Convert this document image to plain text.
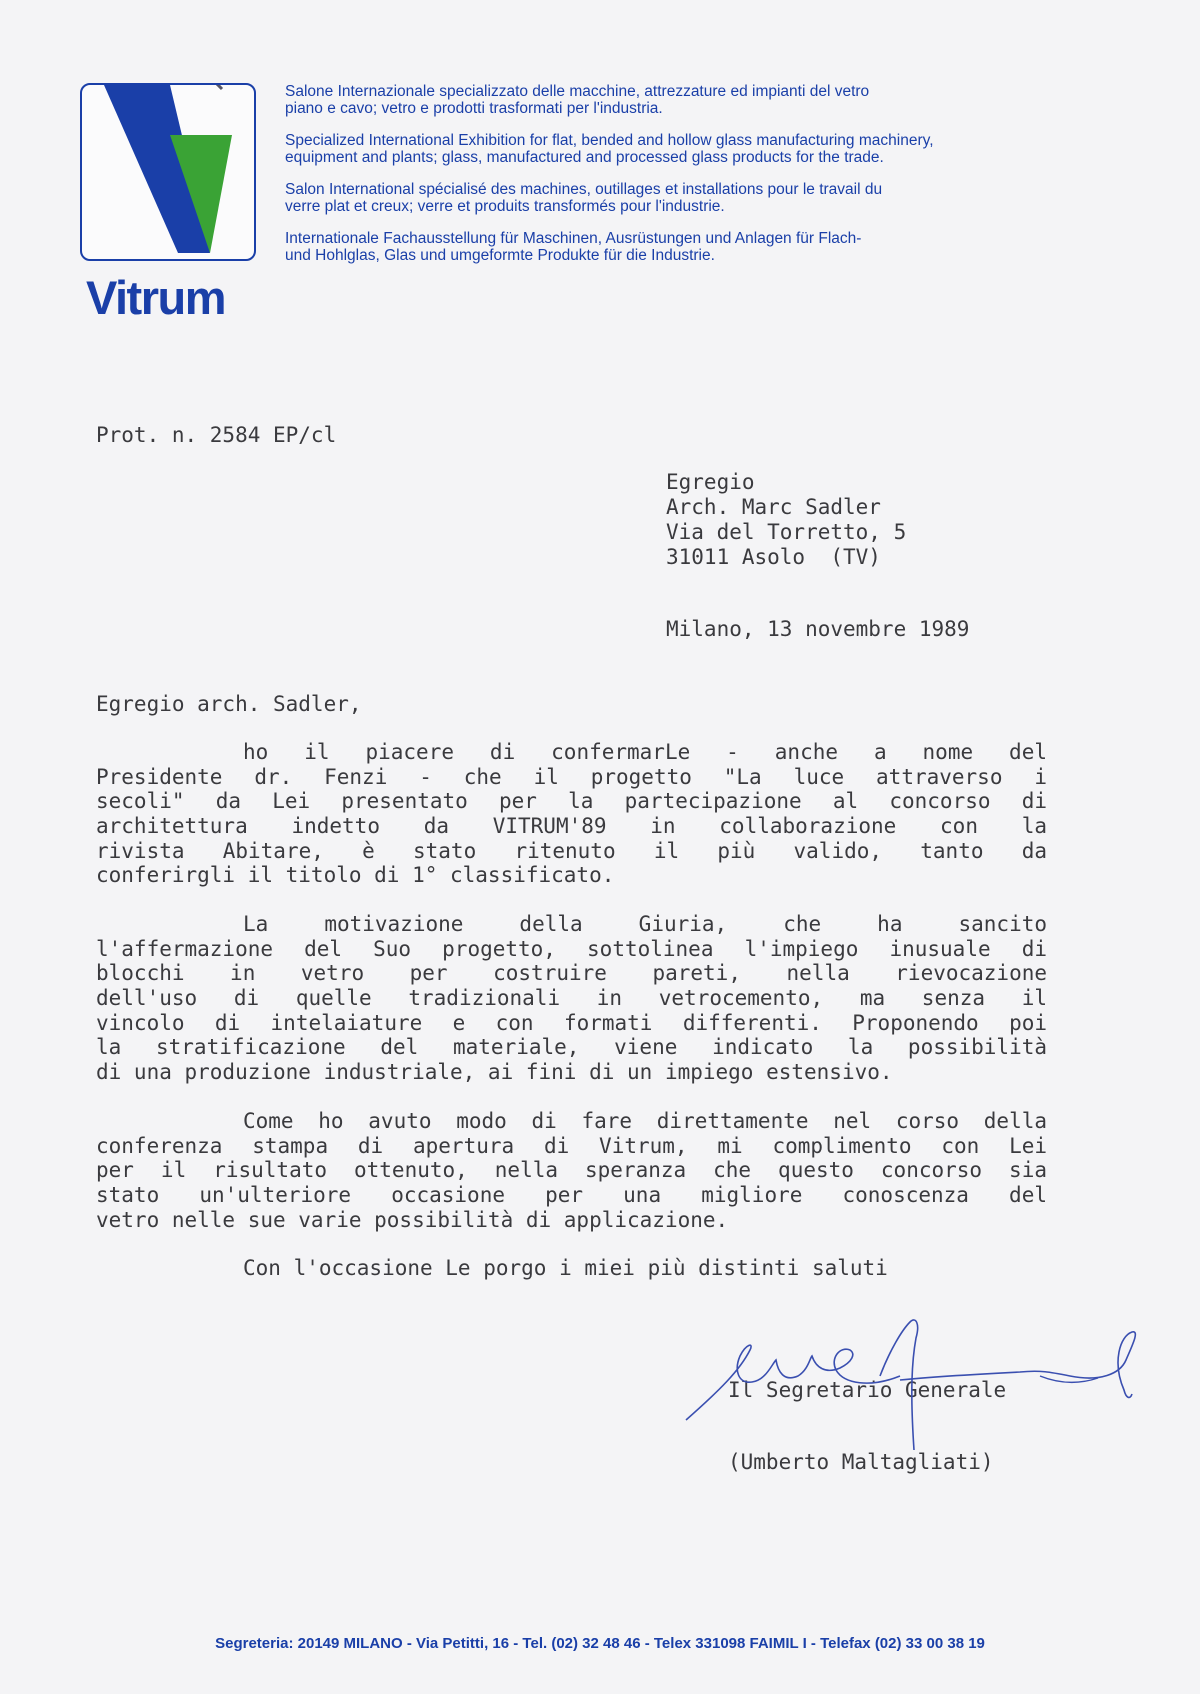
Vitrum

Salone Internazionale specializzato delle macchine, attrezzature ed impianti del vetro
piano e cavo; vetro e prodotti trasformati per l'industria.

Specialized International Exhibition for flat, bended and hollow glass manufacturing machinery,
equipment and plants; glass, manufactured and processed glass products for the trade.

Salon International spécialisé des machines, outillages et installations pour le travail du
verre plat et creux; verre et produits transformés pour l'industrie.

Internationale Fachausstellung für Maschinen, Ausrüstungen und Anlagen für Flach-
und Hohlglas, Glas und umgeformte Produkte für die Industrie.

Prot. n. 2584 EP/cl
Egregio
Arch. Marc Sadler
Via del Torretto, 5
31011 Asolo  (TV)
Milano, 13 novembre 1989
Egregio arch. Sadler,
ho il piacere di confermarLe - anche a nome del
Presidente dr. Fenzi - che il progetto "La luce attraverso i
secoli" da Lei presentato per la partecipazione al concorso di
architettura indetto da VITRUM'89 in collaborazione con la
rivista Abitare, è stato ritenuto il più valido, tanto da
conferirgli il titolo di 1° classificato.
La motivazione della Giuria, che ha sancito
l'affermazione del Suo progetto, sottolinea l'impiego inusuale di
blocchi in vetro per costruire pareti, nella rievocazione
dell'uso di quelle tradizionali in vetrocemento, ma senza il
vincolo di intelaiature e con formati differenti. Proponendo poi
la stratificazione del materiale, viene indicato la possibilità
di una produzione industriale, ai fini di un impiego estensivo.
Come ho avuto modo di fare direttamente nel corso della
conferenza stampa di apertura di Vitrum, mi complimento con Lei
per il risultato ottenuto, nella speranza che questo concorso sia
stato un'ulteriore occasione per una migliore conoscenza del
vetro nelle sue varie possibilità di applicazione.
Con l'occasione Le porgo i miei più distinti saluti

Il Segretario Generale

(Umberto Maltagliati)

Segreteria: 20149 MILANO - Via Petitti, 16 - Tel. (02) 32 48 46 - Telex 331098 FAIMIL I - Telefax (02) 33 00 38 19
